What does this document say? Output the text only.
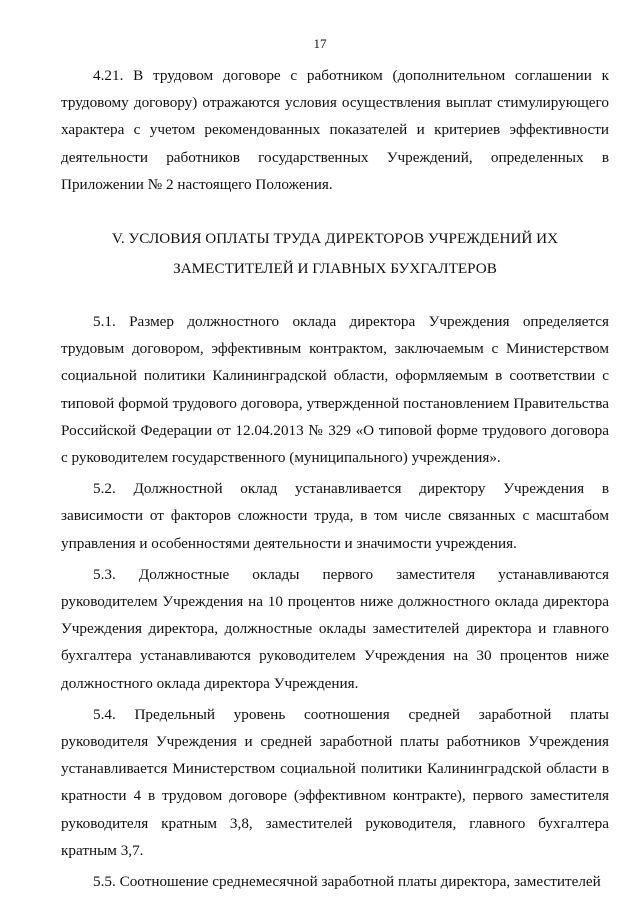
17

4.21. В трудовом договоре с работником (дополнительном соглашении к трудовому договору) отражаются условия осуществления выплат стимулирующего характера с учетом рекомендованных показателей и критериев эффективности деятельности работников государственных Учреждений, определенных в Приложении № 2 настоящего Положения.

V. УСЛОВИЯ ОПЛАТЫ ТРУДА ДИРЕКТОРОВ УЧРЕЖДЕНИЙ ИХ
ЗАМЕСТИТЕЛЕЙ И ГЛАВНЫХ БУХГАЛТЕРОВ

5.1. Размер должностного оклада директора Учреждения определяется трудовым договором, эффективным контрактом, заключаемым с Министерством социальной политики Калининградской области, оформляемым в соответствии с типовой формой трудового договора, утвержденной постановлением Правительства Российской Федерации от 12.04.2013 № 329 «О типовой форме трудового договора с руководителем государственного (муниципального) учреждения».

5.2. Должностной оклад устанавливается директору Учреждения в зависимости от факторов сложности труда, в том числе связанных с масштабом управления и особенностями деятельности и значимости учреждения.

5.3. Должностные оклады первого заместителя устанавливаются руководителем Учреждения на 10 процентов ниже должностного оклада директора Учреждения директора, должностные оклады заместителей директора и главного бухгалтера устанавливаются руководителем Учреждения на 30 процентов ниже должностного оклада директора Учреждения.

5.4. Предельный уровень соотношения средней заработной платы руководителя Учреждения и средней заработной платы работников Учреждения устанавливается Министерством социальной политики Калининградской области в кратности 4 в трудовом договоре (эффективном контракте), первого заместителя руководителя кратным 3,8, заместителей руководителя, главного бухгалтера кратным 3,7.

5.5. Соотношение среднемесячной заработной платы директора, заместителей
